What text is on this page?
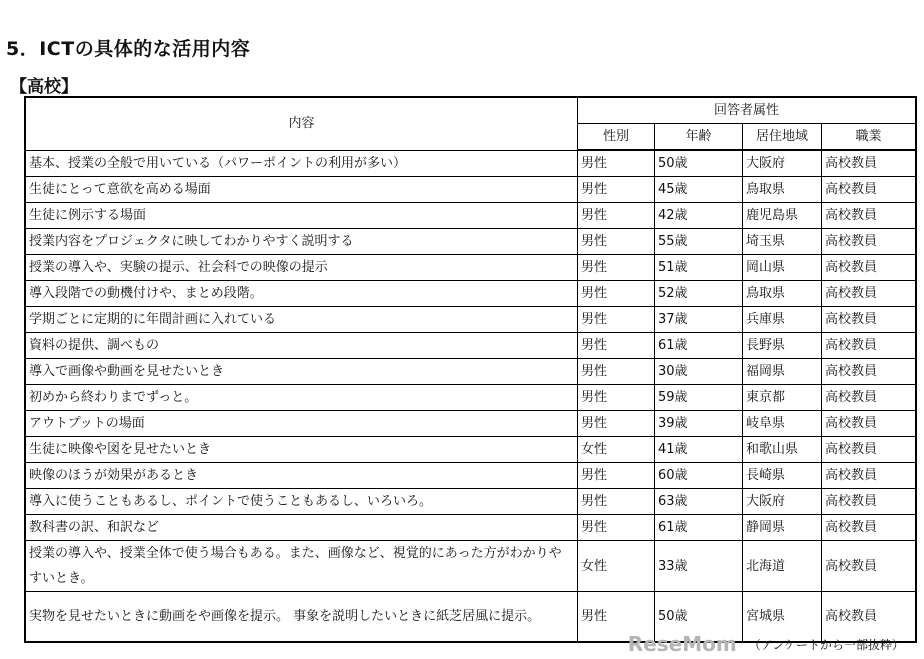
5．ICTの具体的な活用内容
【高校】
内容	回答者属性			
	性別	年齢	居住地域	職業
基本、授業の全般で用いている（パワーポイントの利用が多い）	男性	50歳	大阪府	高校教員
生徒にとって意欲を高める場面	男性	45歳	鳥取県	高校教員
生徒に例示する場面	男性	42歳	鹿児島県	高校教員
授業内容をプロジェクタに映してわかりやすく説明する	男性	55歳	埼玉県	高校教員
授業の導入や、実験の提示、社会科での映像の提示	男性	51歳	岡山県	高校教員
導入段階での動機付けや、まとめ段階。	男性	52歳	鳥取県	高校教員
学期ごとに定期的に年間計画に入れている	男性	37歳	兵庫県	高校教員
資料の提供、調べもの	男性	61歳	長野県	高校教員
導入で画像や動画を見せたいとき	男性	30歳	福岡県	高校教員
初めから終わりまでずっと。	男性	59歳	東京都	高校教員
アウトプットの場面	男性	39歳	岐阜県	高校教員
生徒に映像や図を見せたいとき	女性	41歳	和歌山県	高校教員
映像のほうが効果があるとき	男性	60歳	長崎県	高校教員
導入に使うこともあるし、ポイントで使うこともあるし、いろいろ。	男性	63歳	大阪府	高校教員
教科書の訳、和訳など	男性	61歳	静岡県	高校教員
授業の導入や、授業全体で使う場合もある。また、画像など、視覚的にあった方がわかりやすいとき。	女性	33歳	北海道	高校教員
実物を見せたいときに動画をや画像を提示。 事象を説明したいときに紙芝居風に提示。	男性	50歳	宮城県	高校教員
ReseMom （アンケートから一部抜粋）
